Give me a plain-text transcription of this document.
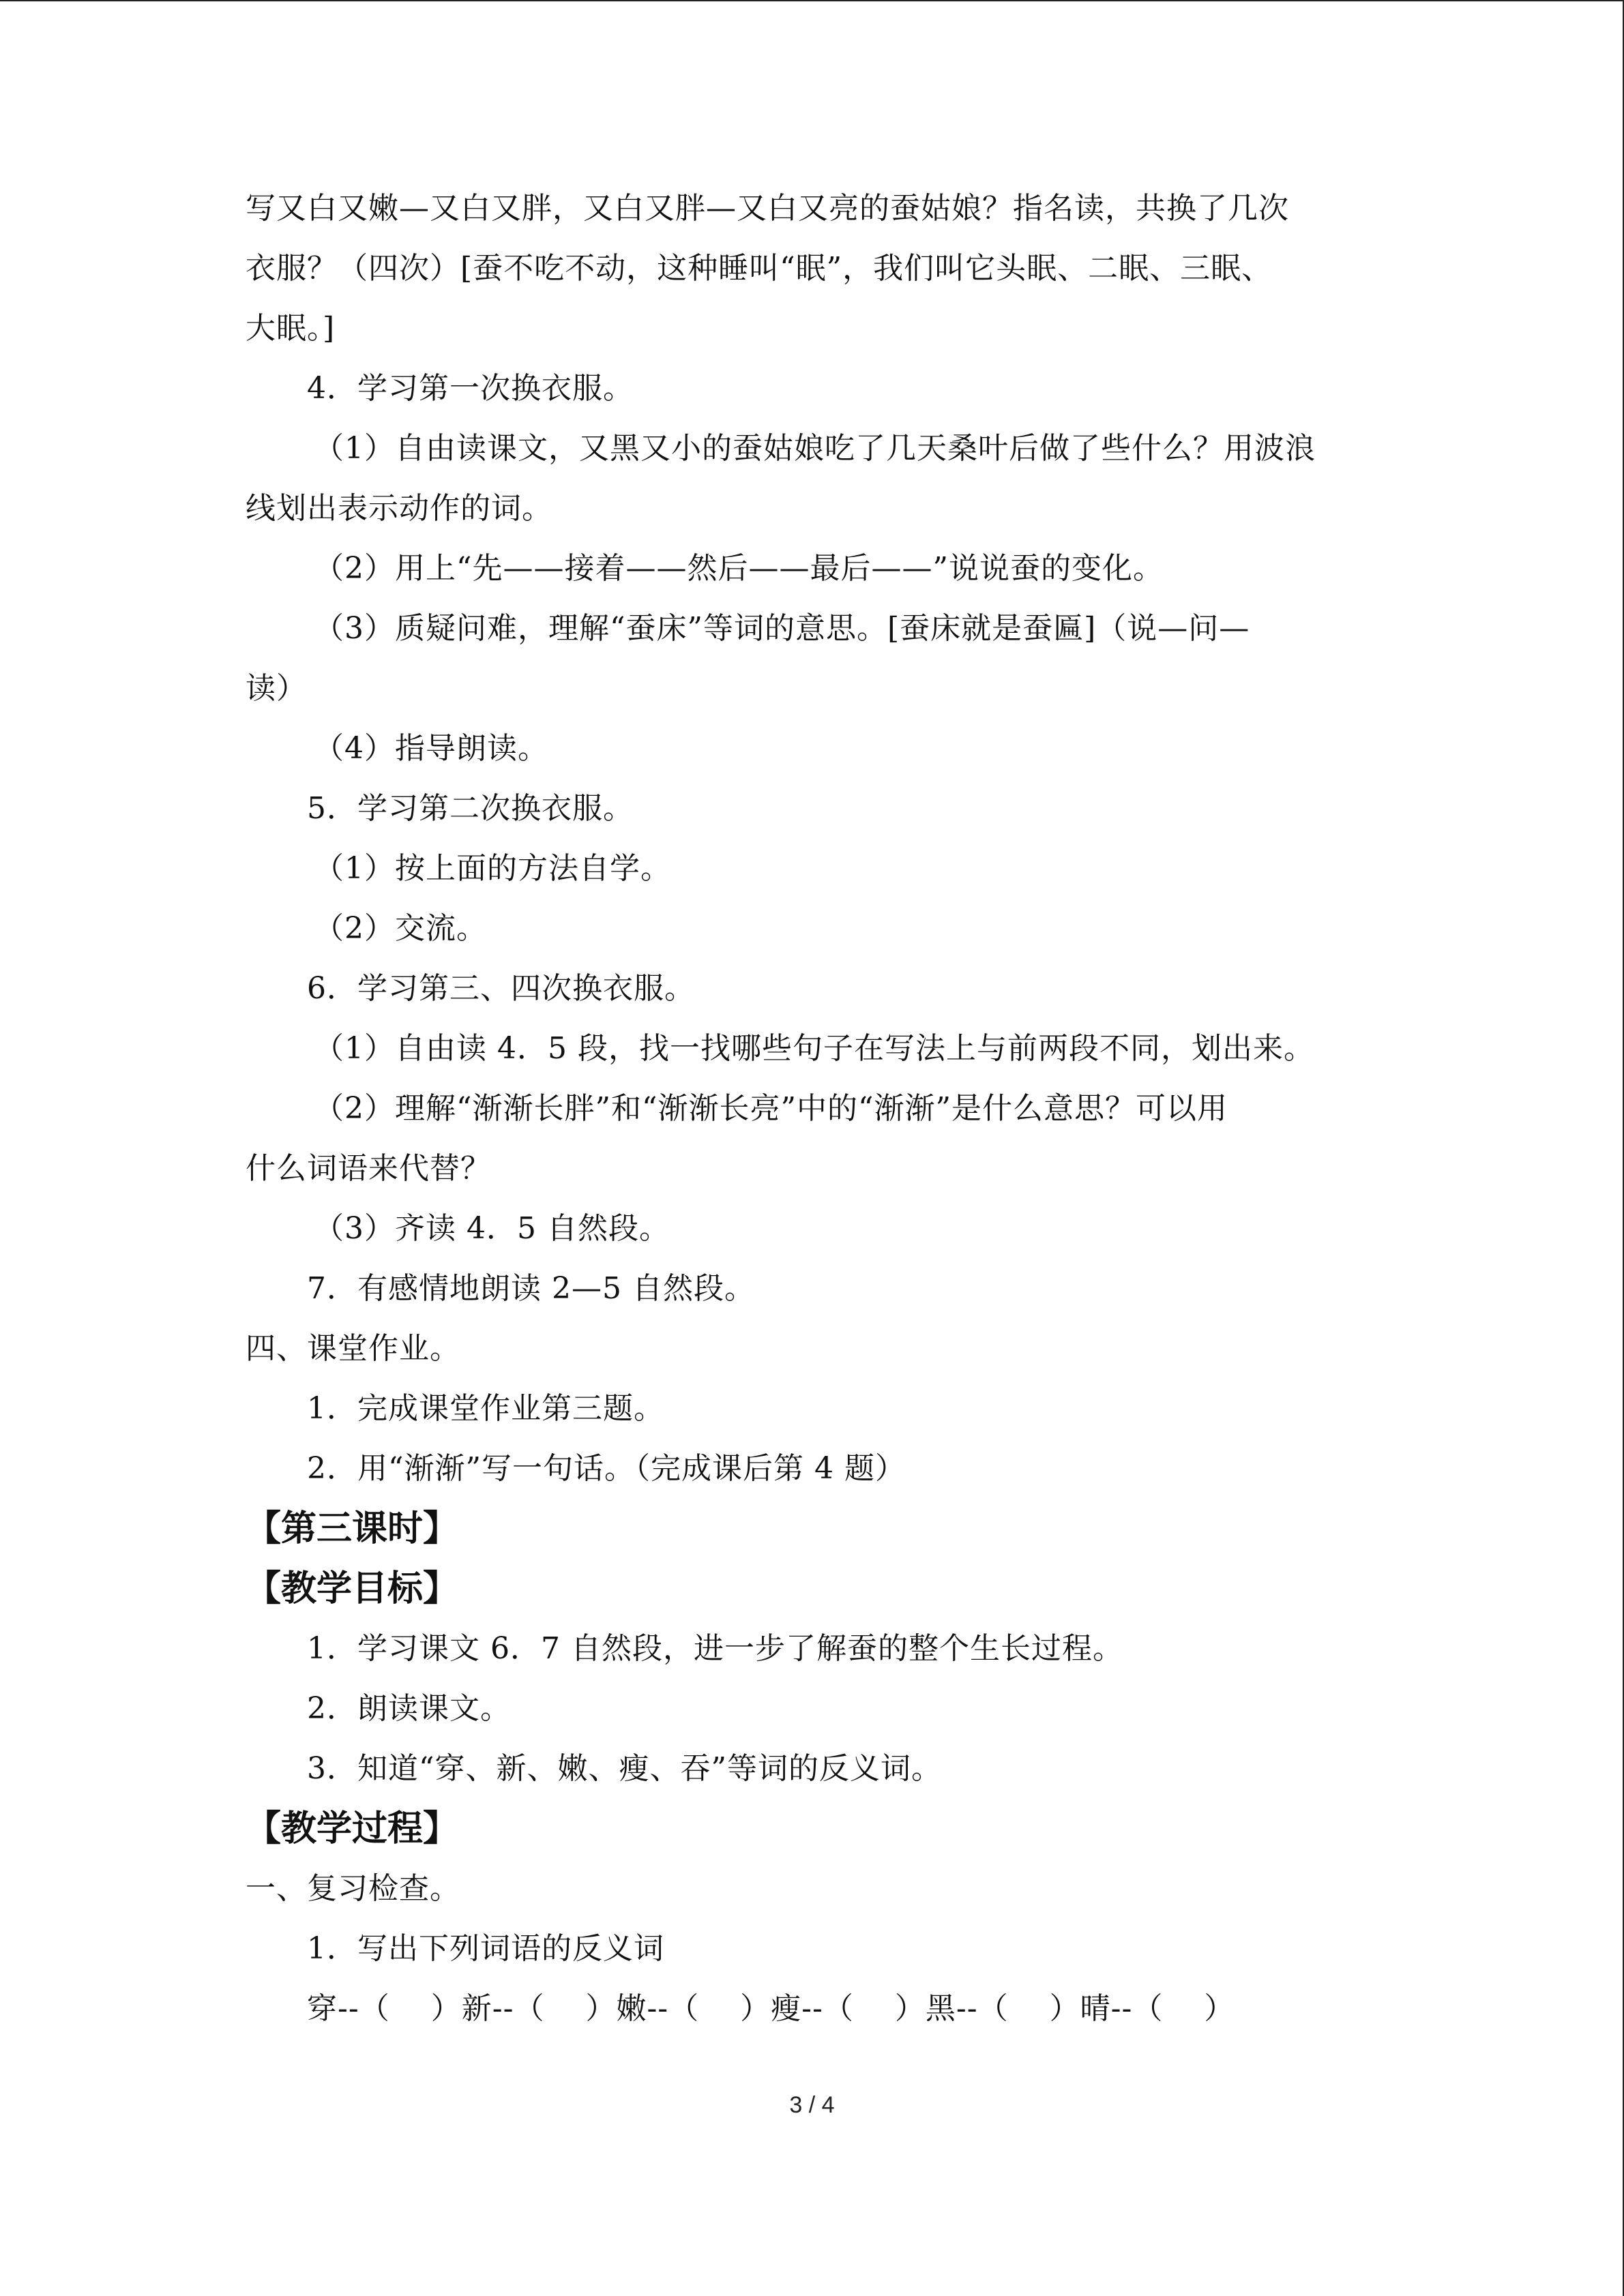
写又白又嫩—又白又胖，又白又胖—又白又亮的蚕姑娘？指名读，共换了几次
衣服？（四次）[蚕不吃不动，这种睡叫“眠”，我们叫它头眠、二眠、三眠、
大眠。]
4．学习第一次换衣服。
（1）自由读课文，又黑又小的蚕姑娘吃了几天桑叶后做了些什么？用波浪
线划出表示动作的词。
（2）用上“先——接着——然后——最后——”说说蚕的变化。
（3）质疑问难，理解“蚕床”等词的意思。[蚕床就是蚕匾]（说—问—
读）
（4）指导朗读。
5．学习第二次换衣服。
（1）按上面的方法自学。
（2）交流。
6．学习第三、四次换衣服。
（1）自由读 4．5 段，找一找哪些句子在写法上与前两段不同，划出来。
（2）理解“渐渐长胖”和“渐渐长亮”中的“渐渐”是什么意思？可以用
什么词语来代替？
（3）齐读 4．5 自然段。
7．有感情地朗读 2—5 自然段。
四、课堂作业。
1．完成课堂作业第三题。
2．用“渐渐”写一句话。（完成课后第 4 题）
【第三课时】
【教学目标】
1．学习课文 6．7 自然段，进一步了解蚕的整个生长过程。
2．朗读课文。
3．知道“穿、新、嫩、瘦、吞”等词的反义词。
【教学过程】
一、复习检查。
1．写出下列词语的反义词
穿--（　 ）新--（　 ）嫩--（　 ）瘦--（　 ）黑--（　 ）晴--（　 ）
3 / 4
